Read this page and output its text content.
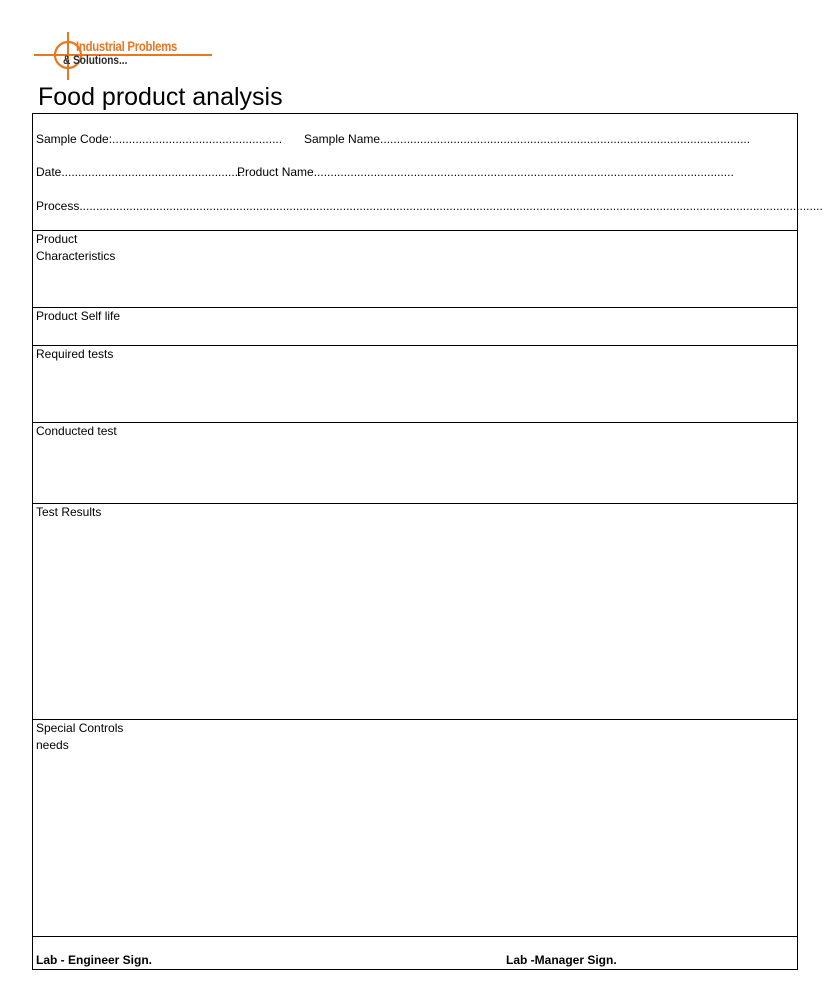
Industrial Problems
& Solutions...
Food product analysis
Sample Code:................................................... Sample Name...............................................................................................................
Date.......................................................
Product Name..............................................................................................................................
Process...............................................................................................................................................................................................................................
Product
Characteristics
Product Self life
Required tests
Conducted test
Test Results
Special Controls
needs
Lab - Engineer Sign.	Lab -Manager Sign.
